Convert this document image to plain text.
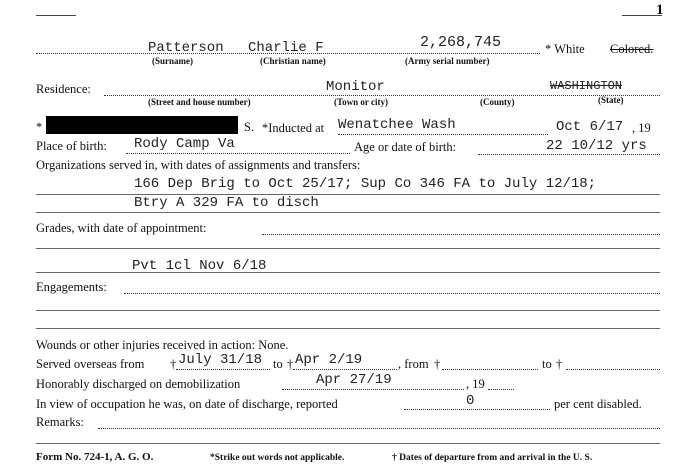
1
Patterson Charlie F	2,268,745	* White Colored.
(Surname)	(Christian name)	(Army serial number)
Residence:	Monitor	WASHINGTON
(Street and house number)	(Town or city)	(County)	(State)
*	S. *Inducted at Wenatchee Wash	Oct 6/17 , 19
Place of birth: Rody Camp Va	Age or date of birth:	22 10/12 yrs
Organizations served in, with dates of assignments and transfers:
166 Dep Brig to Oct 25/17; Sup Co 346 FA to July 12/18;
Btry A 329 FA to disch
Grades, with date of appointment:
Pvt 1cl Nov 6/18
Engagements:
Wounds or other injuries received in action: None.
Served overseas from † July 31/18 to † Apr 2/19	, from †	to †
Honorably discharged on demobilization	Apr 27/19	, 19
In view of occupation he was, on date of discharge, reported	0	per cent disabled.
Remarks:
Form No. 724-1, A. G. O.	*Strike out words not applicable.	† Dates of departure from and arrival in the U. S.
